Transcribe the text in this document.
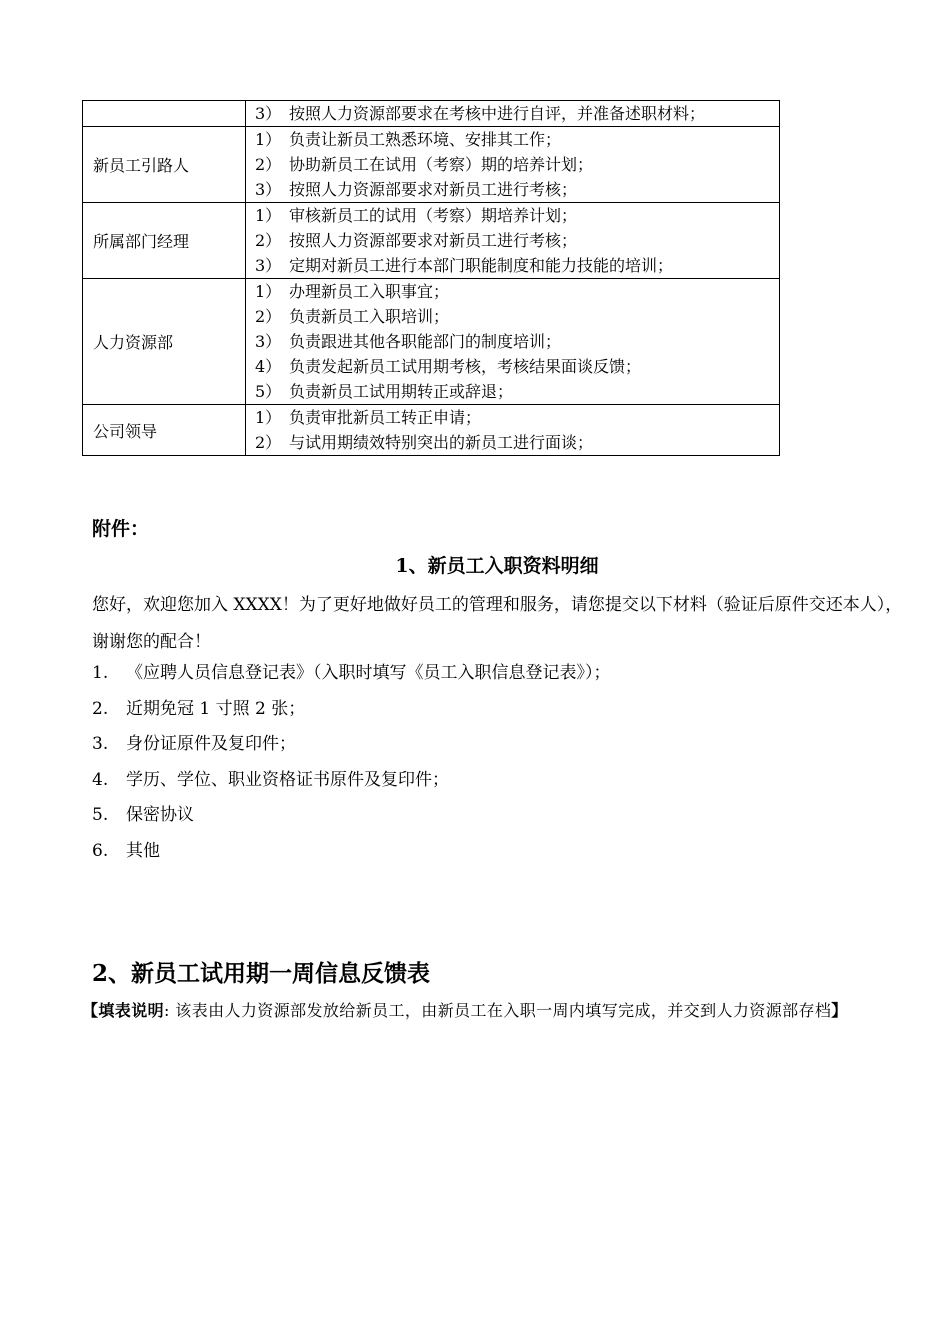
	3） 按照人力资源部要求在考核中进行自评，并准备述职材料；

新员工引路人	1） 负责让新员工熟悉环境、安排其工作；
2） 协助新员工在试用（考察）期的培养计划；
3） 按照人力资源部要求对新员工进行考核；

所属部门经理	1） 审核新员工的试用（考察）期培养计划；
2） 按照人力资源部要求对新员工进行考核；
3） 定期对新员工进行本部门职能制度和能力技能的培训；

人力资源部	1） 办理新员工入职事宜；
2） 负责新员工入职培训；
3） 负责跟进其他各职能部门的制度培训；
4） 负责发起新员工试用期考核，考核结果面谈反馈；
5） 负责新员工试用期转正或辞退；

公司领导	1） 负责审批新员工转正申请；
2） 与试用期绩效特别突出的新员工进行面谈；
附件：
1、新员工入职资料明细
您好，欢迎您加入 XXXX！为了更好地做好员工的管理和服务，请您提交以下材料（验证后原件交还本人），谢谢您的配合！
1. 《应聘人员信息登记表》（入职时填写《员工入职信息登记表》）；
2. 近期免冠 1 寸照 2 张；
3. 身份证原件及复印件；
4. 学历、学位、职业资格证书原件及复印件；
5. 保密协议
6. 其他
2、新员工试用期一周信息反馈表
【填表说明: 该表由人力资源部发放给新员工，由新员工在入职一周内填写完成，并交到人力资源部存档】
